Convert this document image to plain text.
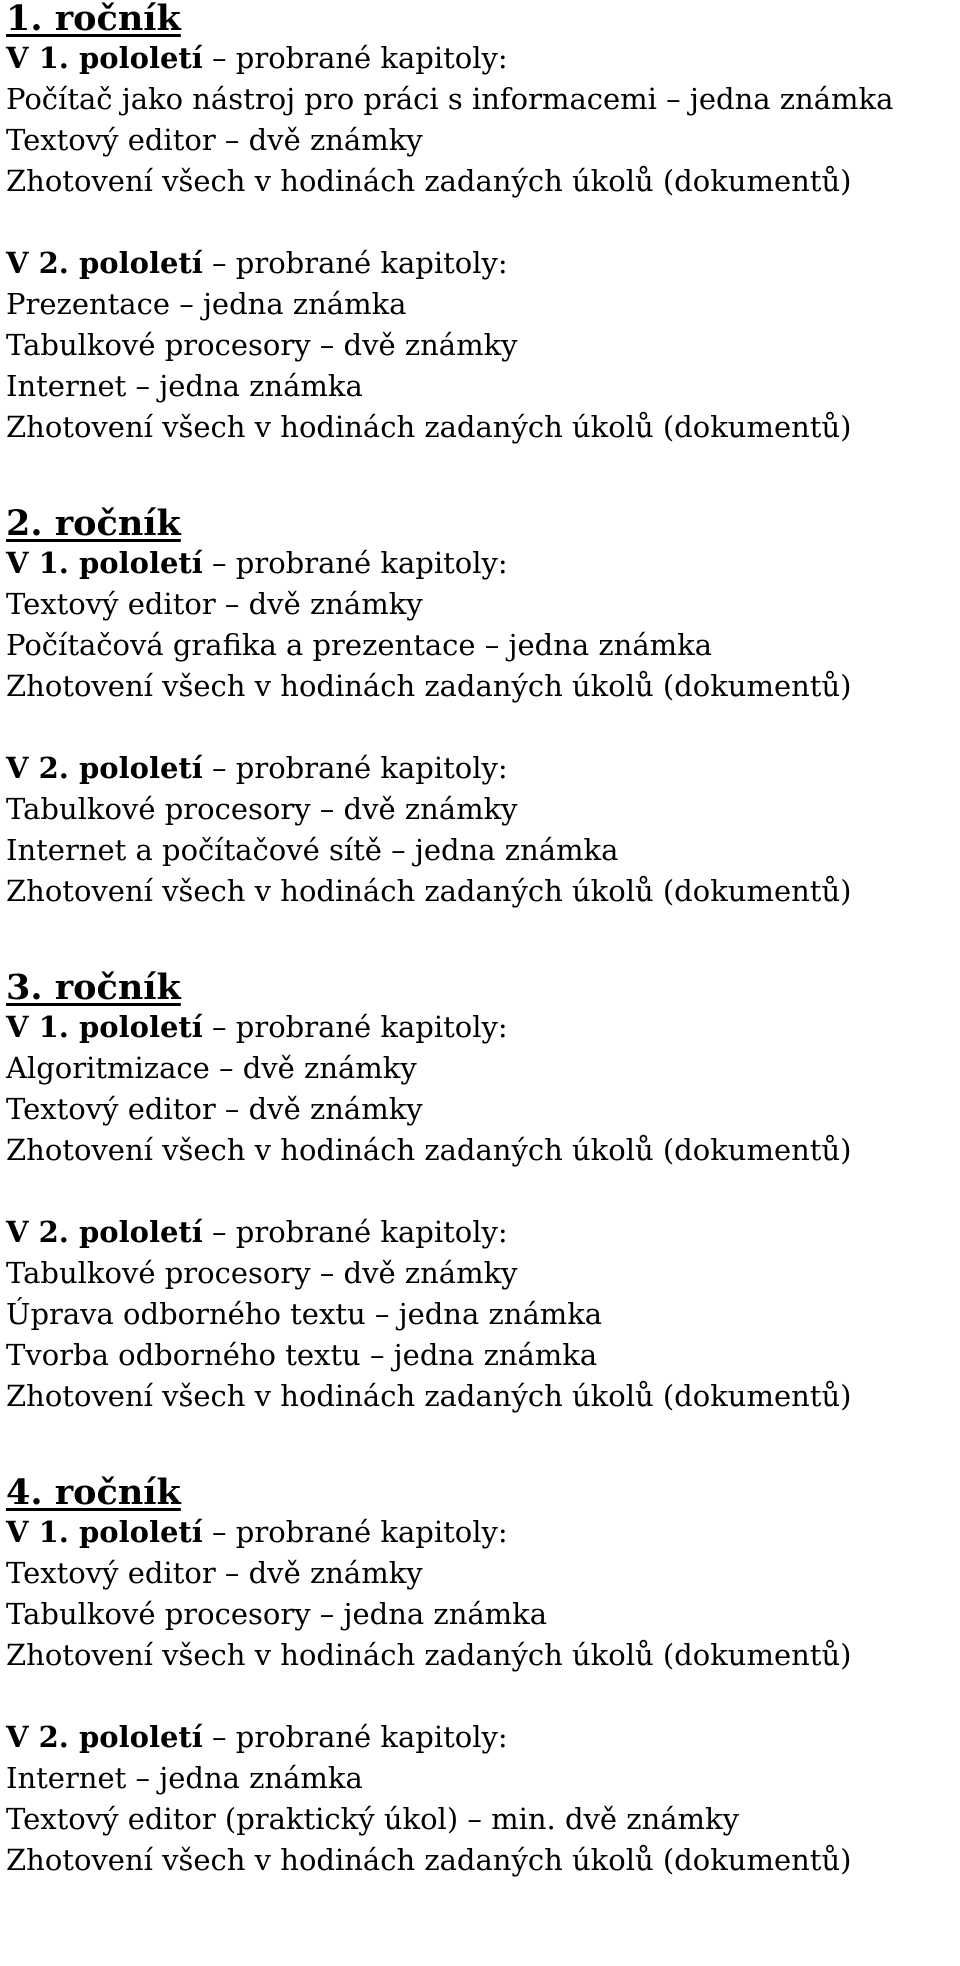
1. ročník
V 1. pololetí – probrané kapitoly:
Počítač jako nástroj pro práci s informacemi – jedna známka
Textový editor – dvě známky
Zhotovení všech v hodinách zadaných úkolů (dokumentů)
V 2. pololetí – probrané kapitoly:
Prezentace – jedna známka
Tabulkové procesory – dvě známky
Internet – jedna známka
Zhotovení všech v hodinách zadaných úkolů (dokumentů)
2. ročník
V 1. pololetí – probrané kapitoly:
Textový editor – dvě známky
Počítačová grafika a prezentace – jedna známka
Zhotovení všech v hodinách zadaných úkolů (dokumentů)
V 2. pololetí – probrané kapitoly:
Tabulkové procesory – dvě známky
Internet a počítačové sítě – jedna známka
Zhotovení všech v hodinách zadaných úkolů (dokumentů)
3. ročník
V 1. pololetí – probrané kapitoly:
Algoritmizace – dvě známky
Textový editor – dvě známky
Zhotovení všech v hodinách zadaných úkolů (dokumentů)
V 2. pololetí – probrané kapitoly:
Tabulkové procesory – dvě známky
Úprava odborného textu – jedna známka
Tvorba odborného textu – jedna známka
Zhotovení všech v hodinách zadaných úkolů (dokumentů)
4. ročník
V 1. pololetí – probrané kapitoly:
Textový editor – dvě známky
Tabulkové procesory – jedna známka
Zhotovení všech v hodinách zadaných úkolů (dokumentů)
V 2. pololetí – probrané kapitoly:
Internet – jedna známka
Textový editor (praktický úkol) – min. dvě známky
Zhotovení všech v hodinách zadaných úkolů (dokumentů)
